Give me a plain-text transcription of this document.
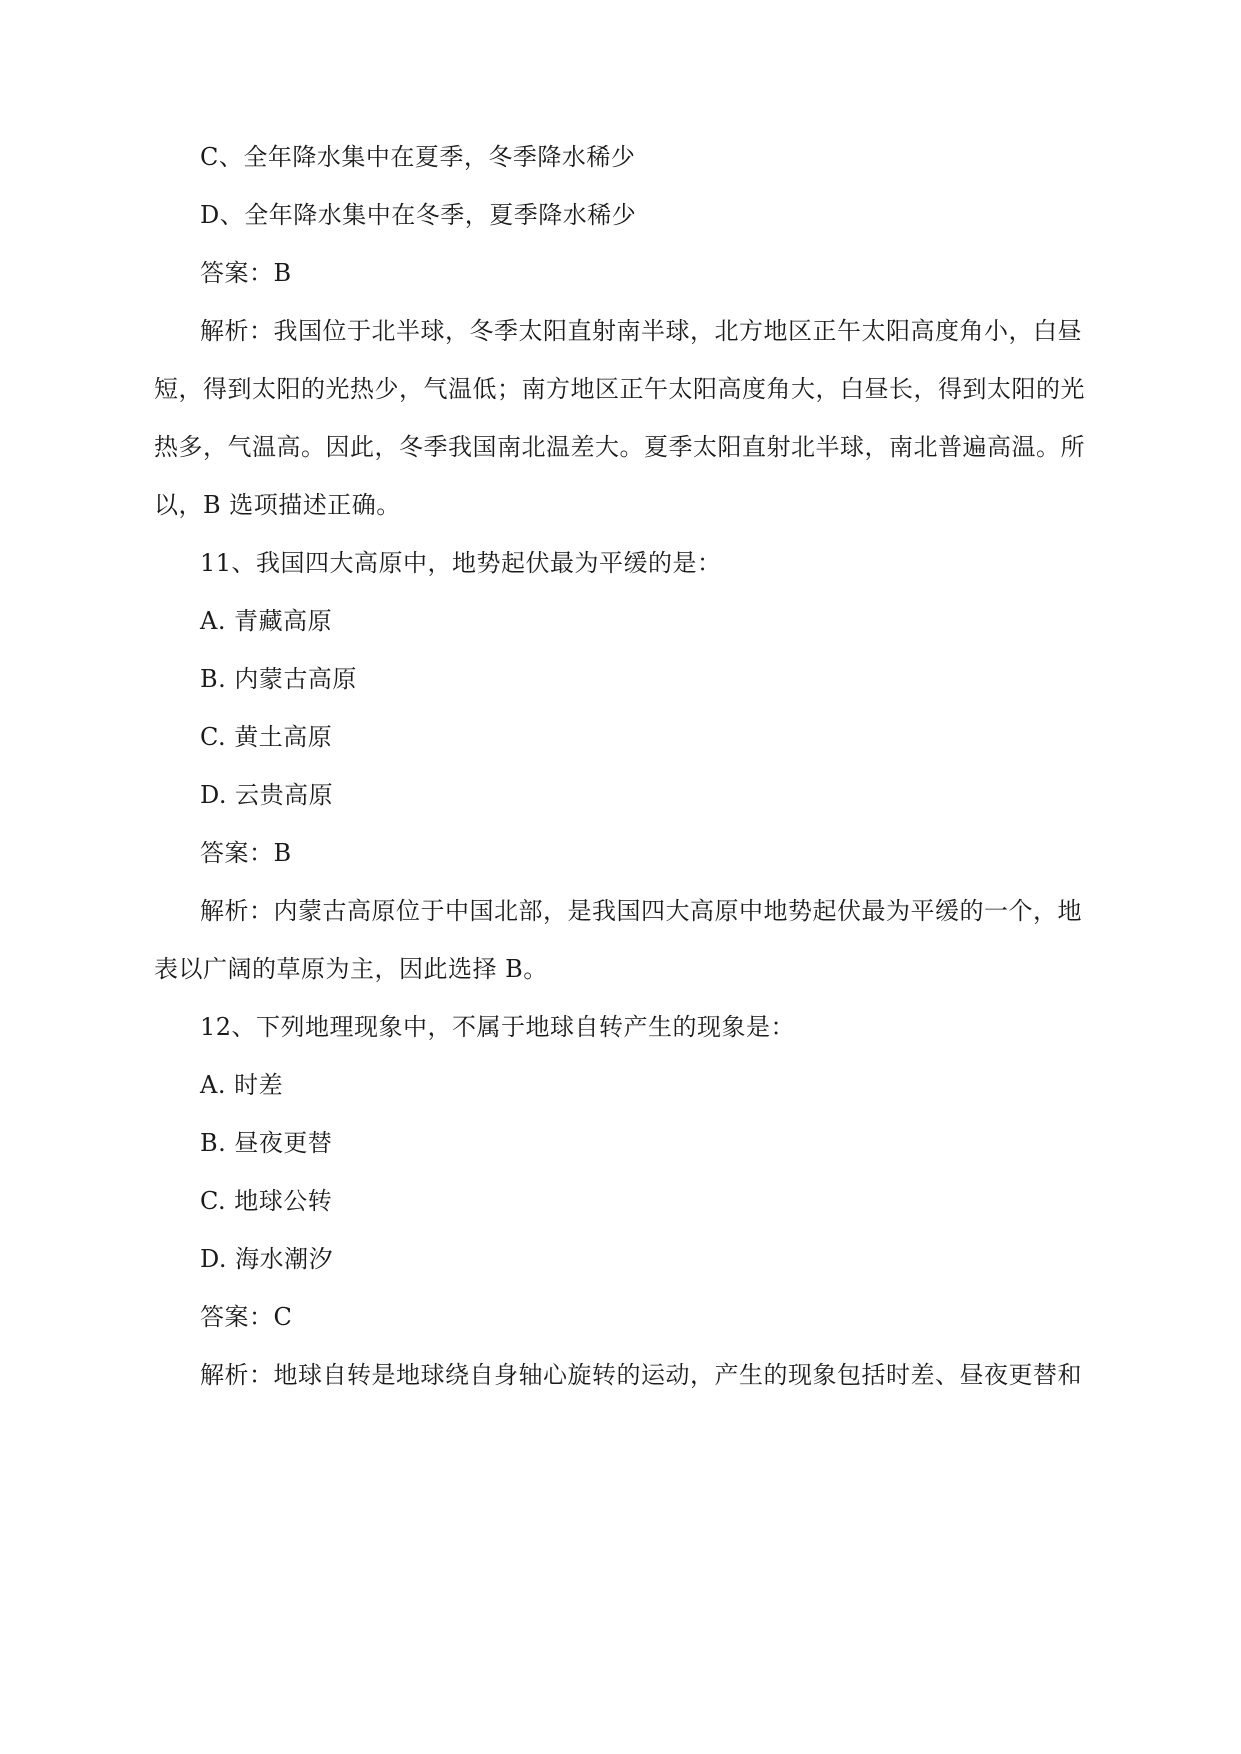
C、全年降水集中在夏季，冬季降水稀少
D、全年降水集中在冬季，夏季降水稀少
答案：B
解析：我国位于北半球，冬季太阳直射南半球，北方地区正午太阳高度角小，白昼
短，得到太阳的光热少，气温低；南方地区正午太阳高度角大，白昼长，得到太阳的光
热多，气温高。因此，冬季我国南北温差大。夏季太阳直射北半球，南北普遍高温。所
以，B 选项描述正确。
11、我国四大高原中，地势起伏最为平缓的是：
A. 青藏高原
B. 内蒙古高原
C. 黄土高原
D. 云贵高原
答案：B
解析：内蒙古高原位于中国北部，是我国四大高原中地势起伏最为平缓的一个，地
表以广阔的草原为主，因此选择 B。
12、下列地理现象中，不属于地球自转产生的现象是：
A. 时差
B. 昼夜更替
C. 地球公转
D. 海水潮汐
答案：C
解析：地球自转是地球绕自身轴心旋转的运动，产生的现象包括时差、昼夜更替和
